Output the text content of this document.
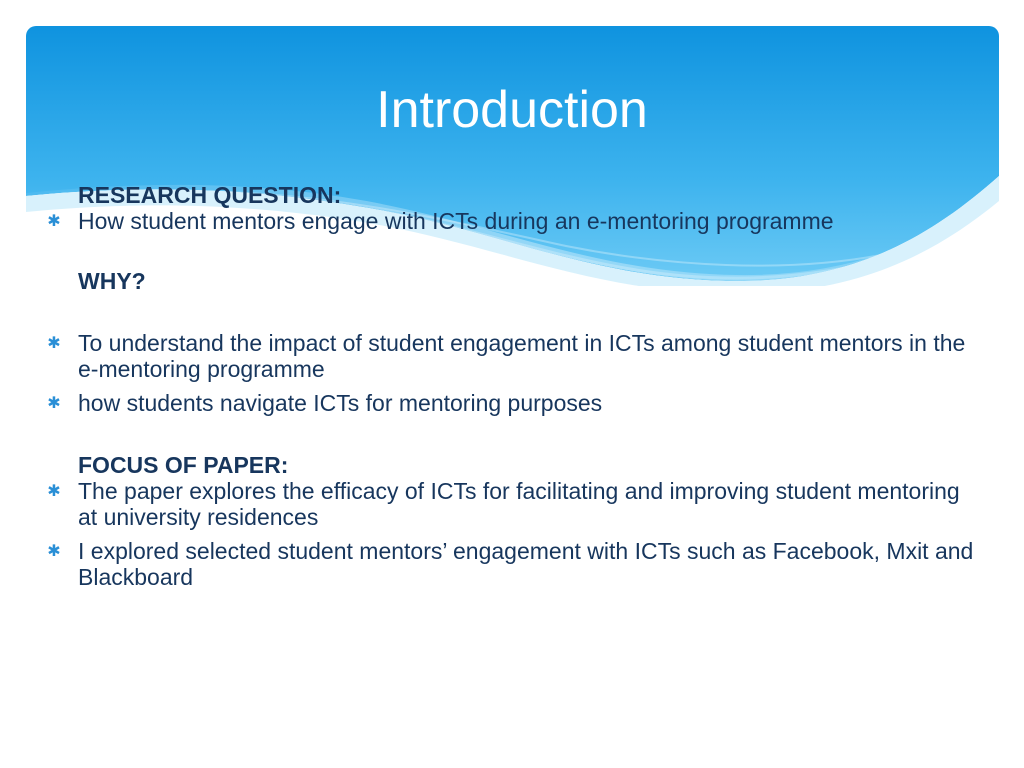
Introduction

RESEARCH QUESTION:

✱ How student mentors engage with ICTs during an e-mentoring programme

WHY?

✱ To understand the impact of student engagement in ICTs among student mentors in the e-mentoring programme

✱ how students navigate ICTs for mentoring purposes

FOCUS OF PAPER:

✱ The paper explores the efficacy of ICTs for facilitating and improving student mentoring at university residences

✱ I explored selected student mentors’ engagement with ICTs such as Facebook, Mxit and Blackboard
